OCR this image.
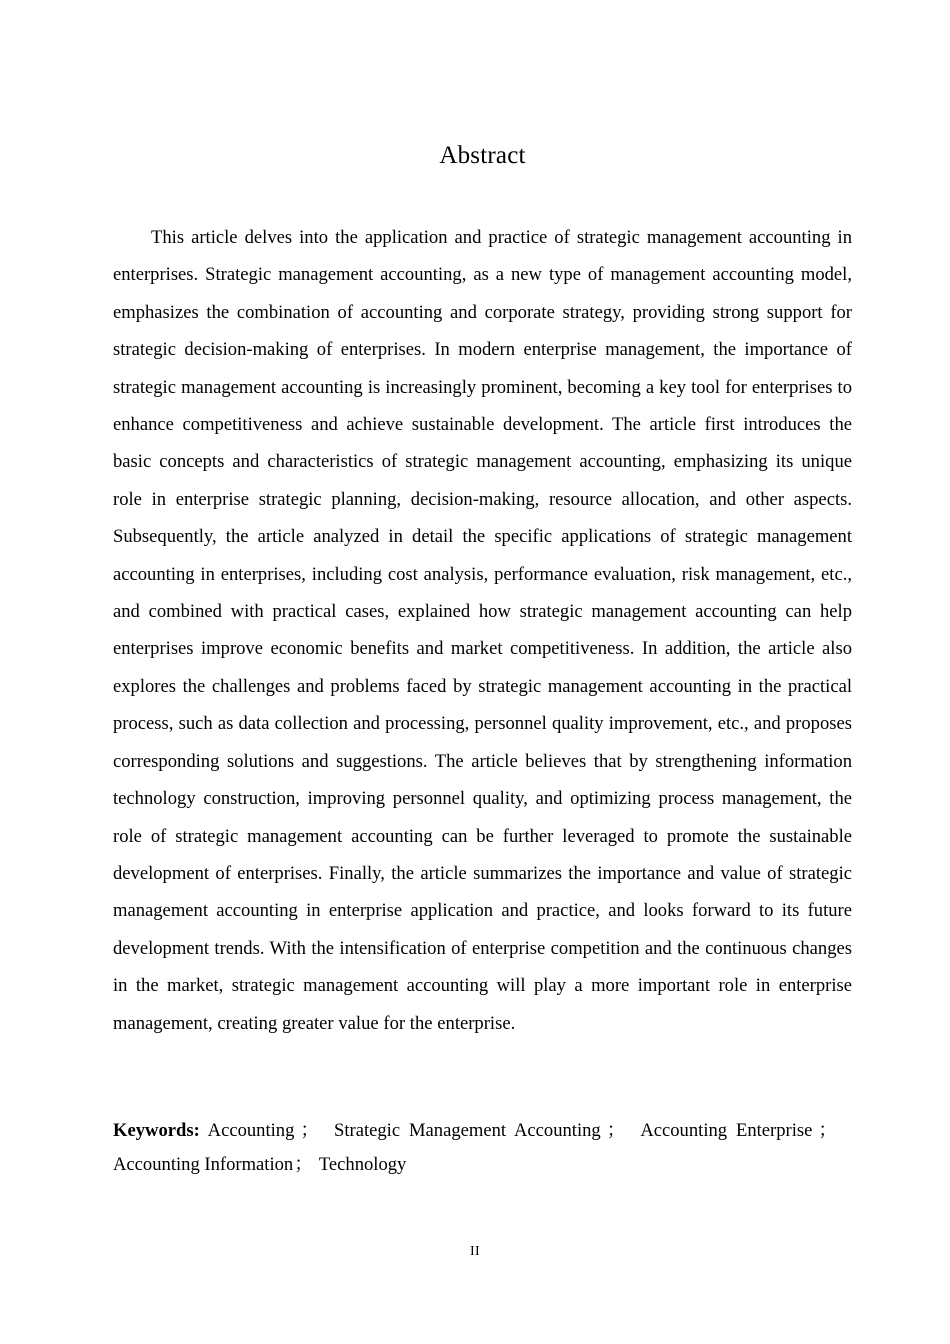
Abstract

This article delves into the application and practice of strategic management accounting in enterprises. Strategic management accounting, as a new type of management accounting model, emphasizes the combination of accounting and corporate strategy, providing strong support for strategic decision-making of enterprises. In modern enterprise management, the importance of strategic management accounting is increasingly prominent, becoming a key tool for enterprises to enhance competitiveness and achieve sustainable development. The article first introduces the basic concepts and characteristics of strategic management accounting, emphasizing its unique role in enterprise strategic planning, decision-making, resource allocation, and other aspects. Subsequently, the article analyzed in detail the specific applications of strategic management accounting in enterprises, including cost analysis, performance evaluation, risk management, etc., and combined with practical cases, explained how strategic management accounting can help enterprises improve economic benefits and market competitiveness. In addition, the article also explores the challenges and problems faced by strategic management accounting in the practical process, such as data collection and processing, personnel quality improvement, etc., and proposes corresponding solutions and suggestions. The article believes that by strengthening information technology construction, improving personnel quality, and optimizing process management, the role of strategic management accounting can be further leveraged to promote the sustainable development of enterprises. Finally, the article summarizes the importance and value of strategic management accounting in enterprise application and practice, and looks forward to its future development trends. With the intensification of enterprise competition and the continuous changes in the market, strategic management accounting will play a more important role in enterprise management, creating greater value for the enterprise.

Keywords: Accounting ； Strategic Management Accounting ； Accounting Enterprise ；Accounting Information； Technology

II
